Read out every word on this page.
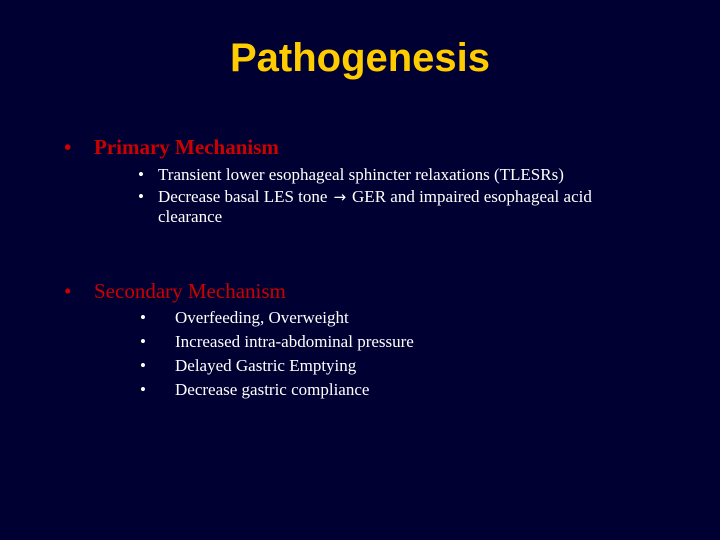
Pathogenesis
•	Primary Mechanism
• Transient lower esophageal sphincter relaxations (TLESRs)
• Decrease basal LES tone → GER and impaired esophageal acid
clearance
•	Secondary Mechanism
•	Overfeeding, Overweight
•	Increased intra-abdominal pressure
•	Delayed Gastric Emptying
•	Decrease gastric compliance
